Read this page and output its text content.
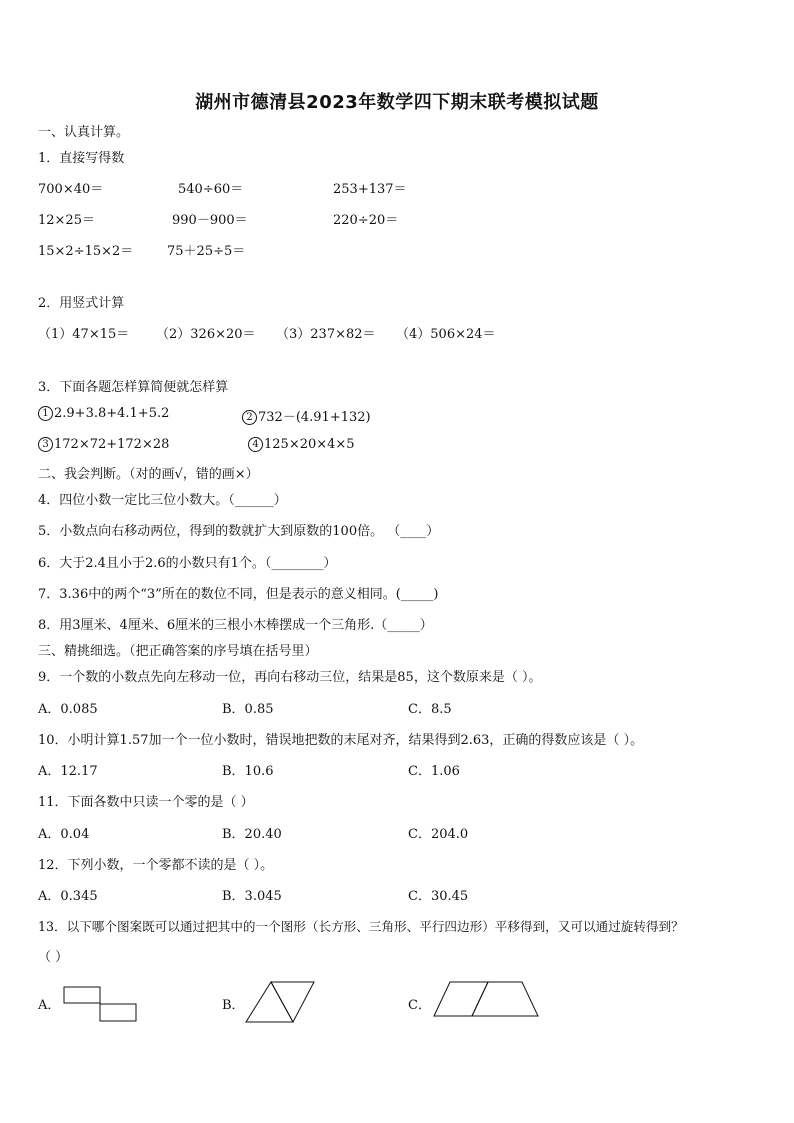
湖州市德清县2023年数学四下期末联考模拟试题
一、认真计算。
1．直接写得数
700×40＝	540÷60＝	253+137＝
12×25＝	990－900＝	220÷20＝
15×2÷15×2＝	75＋25÷5＝
2．用竖式计算
（1）47×15＝ （2）326×20＝ （3）237×82＝ （4）506×24＝
3．下面各题怎样算简便就怎样算
1 2.9+3.8+4.1+5.2	2 732－(4.91+132)
3 172×72+172×28	4 125×20×4×5
二、我会判断。（对的画√，错的画×）
4．四位小数一定比三位小数大。（______）
5．小数点向右移动两位，得到的数就扩大到原数的100倍。 （____）
6．大于2.4且小于2.6的小数只有1个。（________）
7．3.36中的两个“3”所在的数位不同，但是表示的意义相同。(_____)
8．用3厘米、4厘米、6厘米的三根小木棒摆成一个三角形.（_____）
三、精挑细选。（把正确答案的序号填在括号里）
9．一个数的小数点先向左移动一位，再向右移动三位，结果是85，这个数原来是（ ）。
A．0.085	B．0.85	C．8.5
10．小明计算1.57加一个一位小数时，错误地把数的末尾对齐，结果得到2.63，正确的得数应该是（ ）。
A．12.17	B．10.6	C．1.06
11．下面各数中只读一个零的是（ ）
A．0.04	B．20.40	C．204.0
12．下列小数，一个零都不读的是（ ）。
A．0.345	B．3.045	C．30.45
13．以下哪个图案既可以通过把其中的一个图形（长方形、三角形、平行四边形）平移得到，又可以通过旋转得到？
（ ）
A．	B．	C．
